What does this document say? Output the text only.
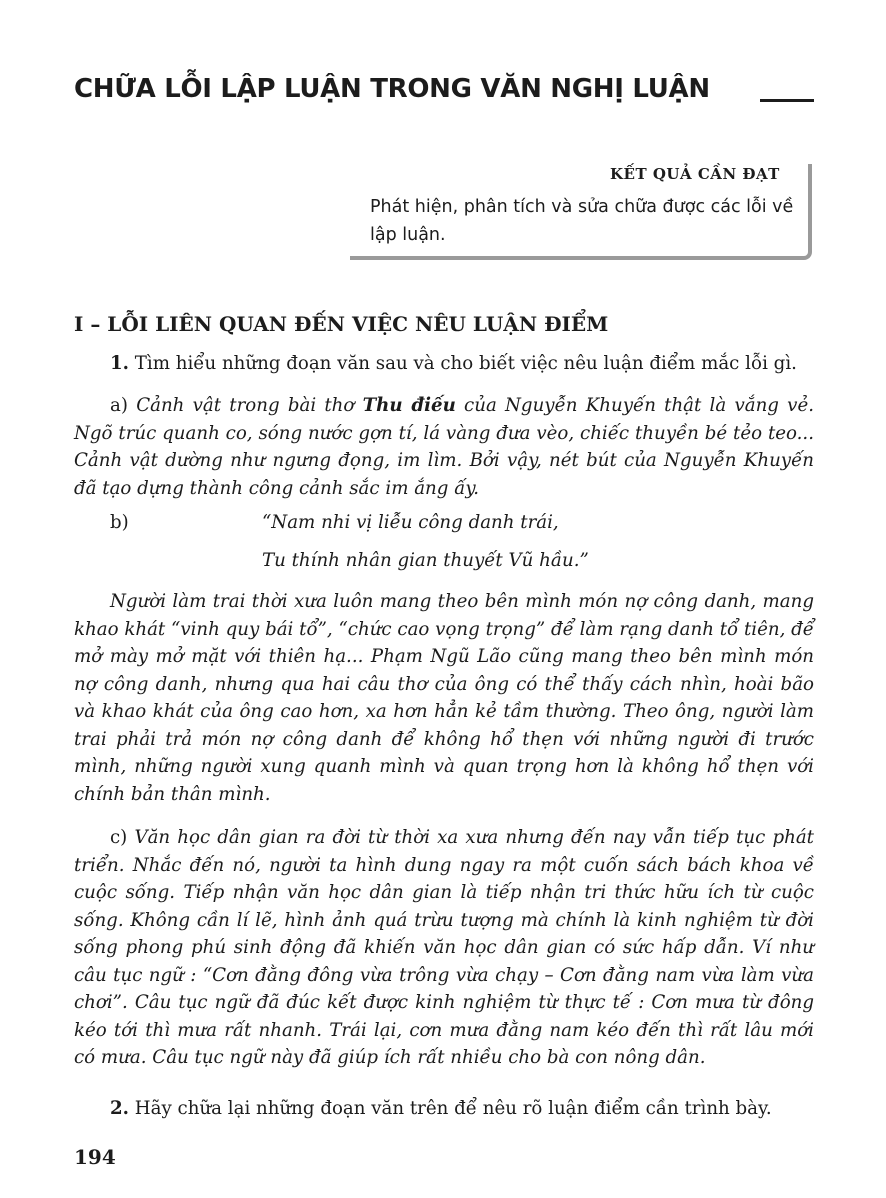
CHỮA LỖI LẬP LUẬN TRONG VĂN NGHỊ LUẬN
KẾT QUẢ CẦN ĐẠT
Phát hiện, phân tích và sửa chữa được các lỗi về lập luận.
I – LỖI LIÊN QUAN ĐẾN VIỆC NÊU LUẬN ĐIỂM
1. Tìm hiểu những đoạn văn sau và cho biết việc nêu luận điểm mắc lỗi gì.
a) Cảnh vật trong bài thơ Thu điếu của Nguyễn Khuyến thật là vắng vẻ. Ngõ trúc quanh co, sóng nước gợn tí, lá vàng đưa vèo, chiếc thuyền bé tẻo teo... Cảnh vật dường như ngưng đọng, im lìm. Bởi vậy, nét bút của Nguyễn Khuyến đã tạo dựng thành công cảnh sắc im ắng ấy.
b)	“Nam nhi vị liễu công danh trái,
Tu thính nhân gian thuyết Vũ hầu.”
Người làm trai thời xưa luôn mang theo bên mình món nợ công danh, mang khao khát “vinh quy bái tổ”, “chức cao vọng trọng” để làm rạng danh tổ tiên, để mở mày mở mặt với thiên hạ... Phạm Ngũ Lão cũng mang theo bên mình món nợ công danh, nhưng qua hai câu thơ của ông có thể thấy cách nhìn, hoài bão và khao khát của ông cao hơn, xa hơn hẳn kẻ tầm thường. Theo ông, người làm trai phải trả món nợ công danh để không hổ thẹn với những người đi trước mình, những người xung quanh mình và quan trọng hơn là không hổ thẹn với chính bản thân mình.
c) Văn học dân gian ra đời từ thời xa xưa nhưng đến nay vẫn tiếp tục phát triển. Nhắc đến nó, người ta hình dung ngay ra một cuốn sách bách khoa về cuộc sống. Tiếp nhận văn học dân gian là tiếp nhận tri thức hữu ích từ cuộc sống. Không cần lí lẽ, hình ảnh quá trừu tượng mà chính là kinh nghiệm từ đời sống phong phú sinh động đã khiến văn học dân gian có sức hấp dẫn. Ví như câu tục ngữ : “Cơn đằng đông vừa trông vừa chạy – Cơn đằng nam vừa làm vừa chơi”. Câu tục ngữ đã đúc kết được kinh nghiệm từ thực tế : Cơn mưa từ đông kéo tới thì mưa rất nhanh. Trái lại, cơn mưa đằng nam kéo đến thì rất lâu mới có mưa. Câu tục ngữ này đã giúp ích rất nhiều cho bà con nông dân.
2. Hãy chữa lại những đoạn văn trên để nêu rõ luận điểm cần trình bày.
194
